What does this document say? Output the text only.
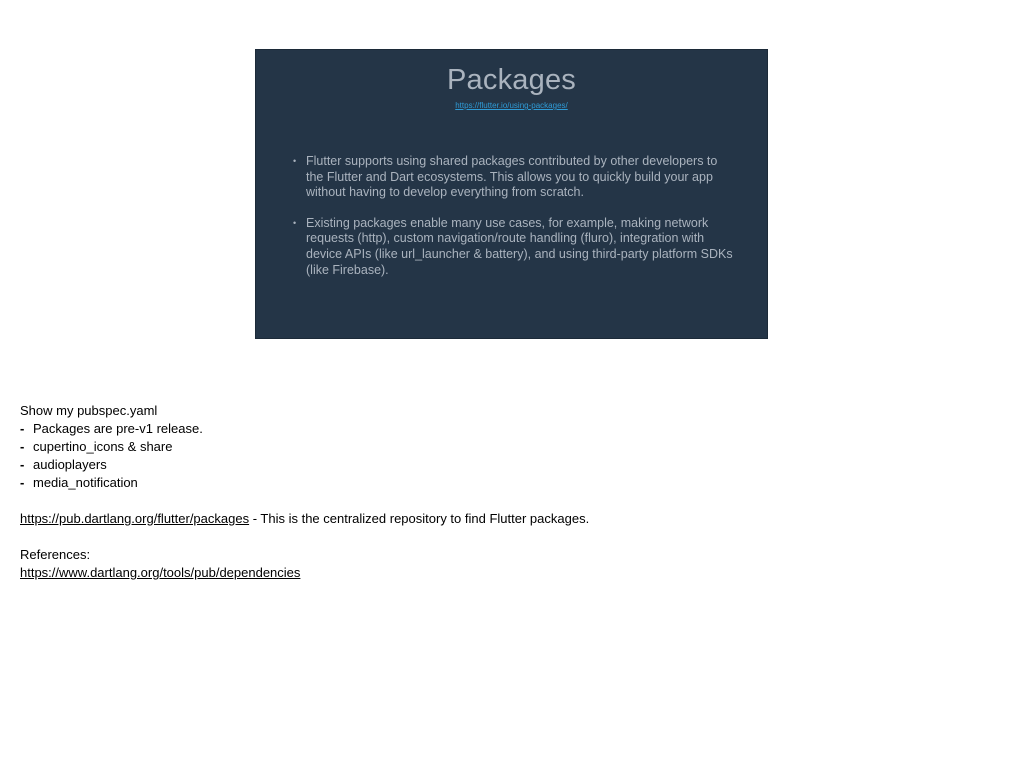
Packages
https://flutter.io/using-packages/
• Flutter supports using shared packages contributed by other developers to the Flutter and Dart ecosystems. This allows you to quickly build your app without having to develop everything from scratch.
• Existing packages enable many use cases, for example, making network requests (http), custom navigation/route handling (fluro), integration with device APIs (like url_launcher & battery), and using third-party platform SDKs (like Firebase).

Show my pubspec.yaml

- Packages are pre-v1 release.
- cupertino_icons & share
- audioplayers
- media_notification

https://pub.dartlang.org/flutter/packages - This is the centralized repository to find Flutter packages.

References:

https://www.dartlang.org/tools/pub/dependencies
